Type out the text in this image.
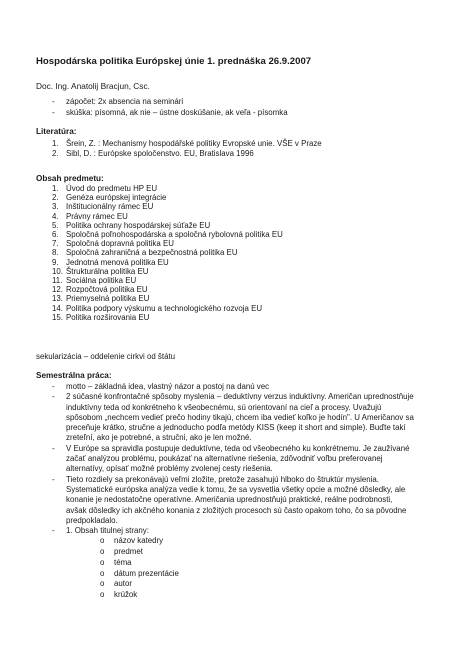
Hospodárska politika Európskej únie 1. prednáška 26.9.2007
Doc. Ing. Anatolij Bracjun, Csc.
- zápočet: 2x absencia na seminári
- skúška: písomná, ak nie – ústne doskúšanie, ak veľa - písomka
Literatúra:
1. Šrein, Z. : Mechanismy hospodářské politiky Evropské unie. VŠE v Praze
2. Sibl, D. : Európske spoločenstvo. EU, Bratislava 1996
Obsah predmetu:
1. Úvod do predmetu HP EU
2. Genéza európskej integrácie
3. Inštitucionálny rámec EU
4. Právny rámec EU
5. Politika ochrany hospodárskej súťaže EU
6. Spoločná poľnohospodárska a spoločná rybolovná politika EU
7. Spoločná dopravná politika EU
8. Spoločná zahraničná a bezpečnostná politika EU
9. Jednotná menová politika EU
10. Štrukturálna politika EU
11. Sociálna politika EU
12. Rozpočtová politika EU
13. Priemyselná politika EU
14. Politika podpory výskumu a technologického rozvoja EU
15. Politika rozširovania EU
sekularizácia – oddelenie cirkvi od štátu
Semestrálna práca:
- motto – základná idea, vlastný názor a postoj na danú vec
- 2 súčasné konfrontačné spôsoby myslenia – deduktívny verzus induktívny. Američan uprednostňuje induktívny teda od konkrétneho k všeobecnému, sú orientovaní na cieľ a procesy. Uvažujú spôsobom „nechcem vedieť prečo hodiny tikajú, chcem iba vedieť koľko je hodín". U Američanov sa preceňuje krátko, stručne a jednoducho podľa metódy KISS (keep it short and simple). Buďte takí zreteľní, ako je potrebné, a stručnί, ako je len možné.
- V Európe sa spravidla postupuje deduktívne, teda od všeobecného ku konkrétnemu. Je zaužívané začať analýzou problému, poukázať na alternatívne riešenia, zdôvodniť voľbu preferovanej alternatívy, opísať možné problémy zvolenej cesty riešenia.
- Tieto rozdiely sa prekonávajú veľmi zložite, pretože zasahujú hlboko do štruktúr myslenia. Systematické európska analýza vedie k tomu, že sa vysvetlia všetky opcie a možné dôsledky, ale konanie je nedostatočne operatívne. Američania uprednostňujú praktické, reálne podrobnosti, avšak dôsledky ich akčného konania z zložitých procesoch sú často opakom toho, čo sa pôvodne predpokladalo.
- 1. Obsah titulnej strany:
o názov katedry
o predmet
o téma
o dátum prezentácie
o autor
o krúžok
